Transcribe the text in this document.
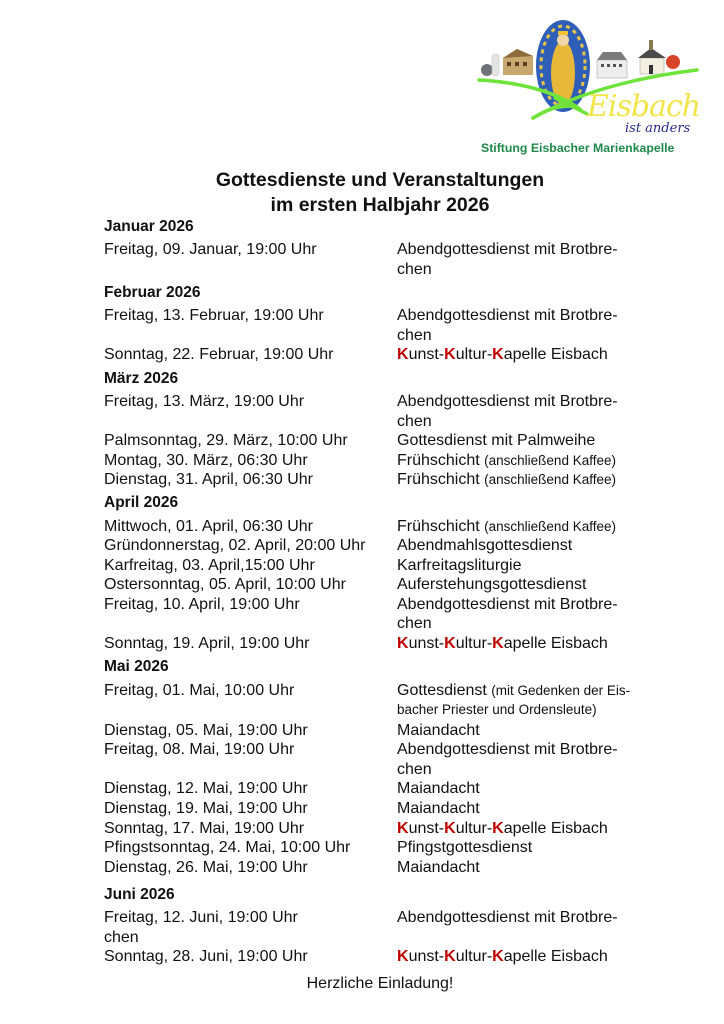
Eisbach
ist anders
Stiftung Eisbacher Marienkapelle
Gottesdienste und Veranstaltungen
im ersten Halbjahr 2026
Januar 2026
Freitag, 09. Januar, 19:00 Uhr	Abendgottesdienst mit Brotbre-
chen
Februar 2026
Freitag, 13. Februar, 19:00 Uhr	Abendgottesdienst mit Brotbre-
chen
Sonntag, 22. Februar, 19:00 Uhr	Kunst-Kultur-Kapelle Eisbach
März 2026
Freitag, 13. März, 19:00 Uhr	Abendgottesdienst mit Brotbre-
chen
Palmsonntag, 29. März, 10:00 Uhr	Gottesdienst mit Palmweihe
Montag, 30. März, 06:30 Uhr	Frühschicht (anschließend Kaffee)
Dienstag, 31. April, 06:30 Uhr	Frühschicht (anschließend Kaffee)
April 2026
Mittwoch, 01. April, 06:30 Uhr	Frühschicht (anschließend Kaffee)
Gründonnerstag, 02. April, 20:00 Uhr Abendmahlsgottesdienst
Karfreitag, 03. April,15:00 Uhr	Karfreitagsliturgie
Ostersonntag, 05. April, 10:00 Uhr	Auferstehungsgottesdienst
Freitag, 10. April, 19:00 Uhr	Abendgottesdienst mit Brotbre-
chen
Sonntag, 19. April, 19:00 Uhr	Kunst-Kultur-Kapelle Eisbach
Mai 2026
Freitag, 01. Mai, 10:00 Uhr	Gottesdienst (mit Gedenken der Eis-
bacher Priester und Ordensleute)
Dienstag, 05. Mai, 19:00 Uhr	Maiandacht
Freitag, 08. Mai, 19:00 Uhr	Abendgottesdienst mit Brotbre-
chen
Dienstag, 12. Mai, 19:00 Uhr	Maiandacht
Dienstag, 19. Mai, 19:00 Uhr	Maiandacht
Sonntag, 17. Mai, 19:00 Uhr	Kunst-Kultur-Kapelle Eisbach
Pfingstsonntag, 24. Mai, 10:00 Uhr	Pfingstgottesdienst
Dienstag, 26. Mai, 19:00 Uhr	Maiandacht
Juni 2026
Freitag, 12. Juni, 19:00 Uhr	Abendgottesdienst mit Brotbre-
chen
Sonntag, 28. Juni, 19:00 Uhr	Kunst-Kultur-Kapelle Eisbach
Herzliche Einladung!
